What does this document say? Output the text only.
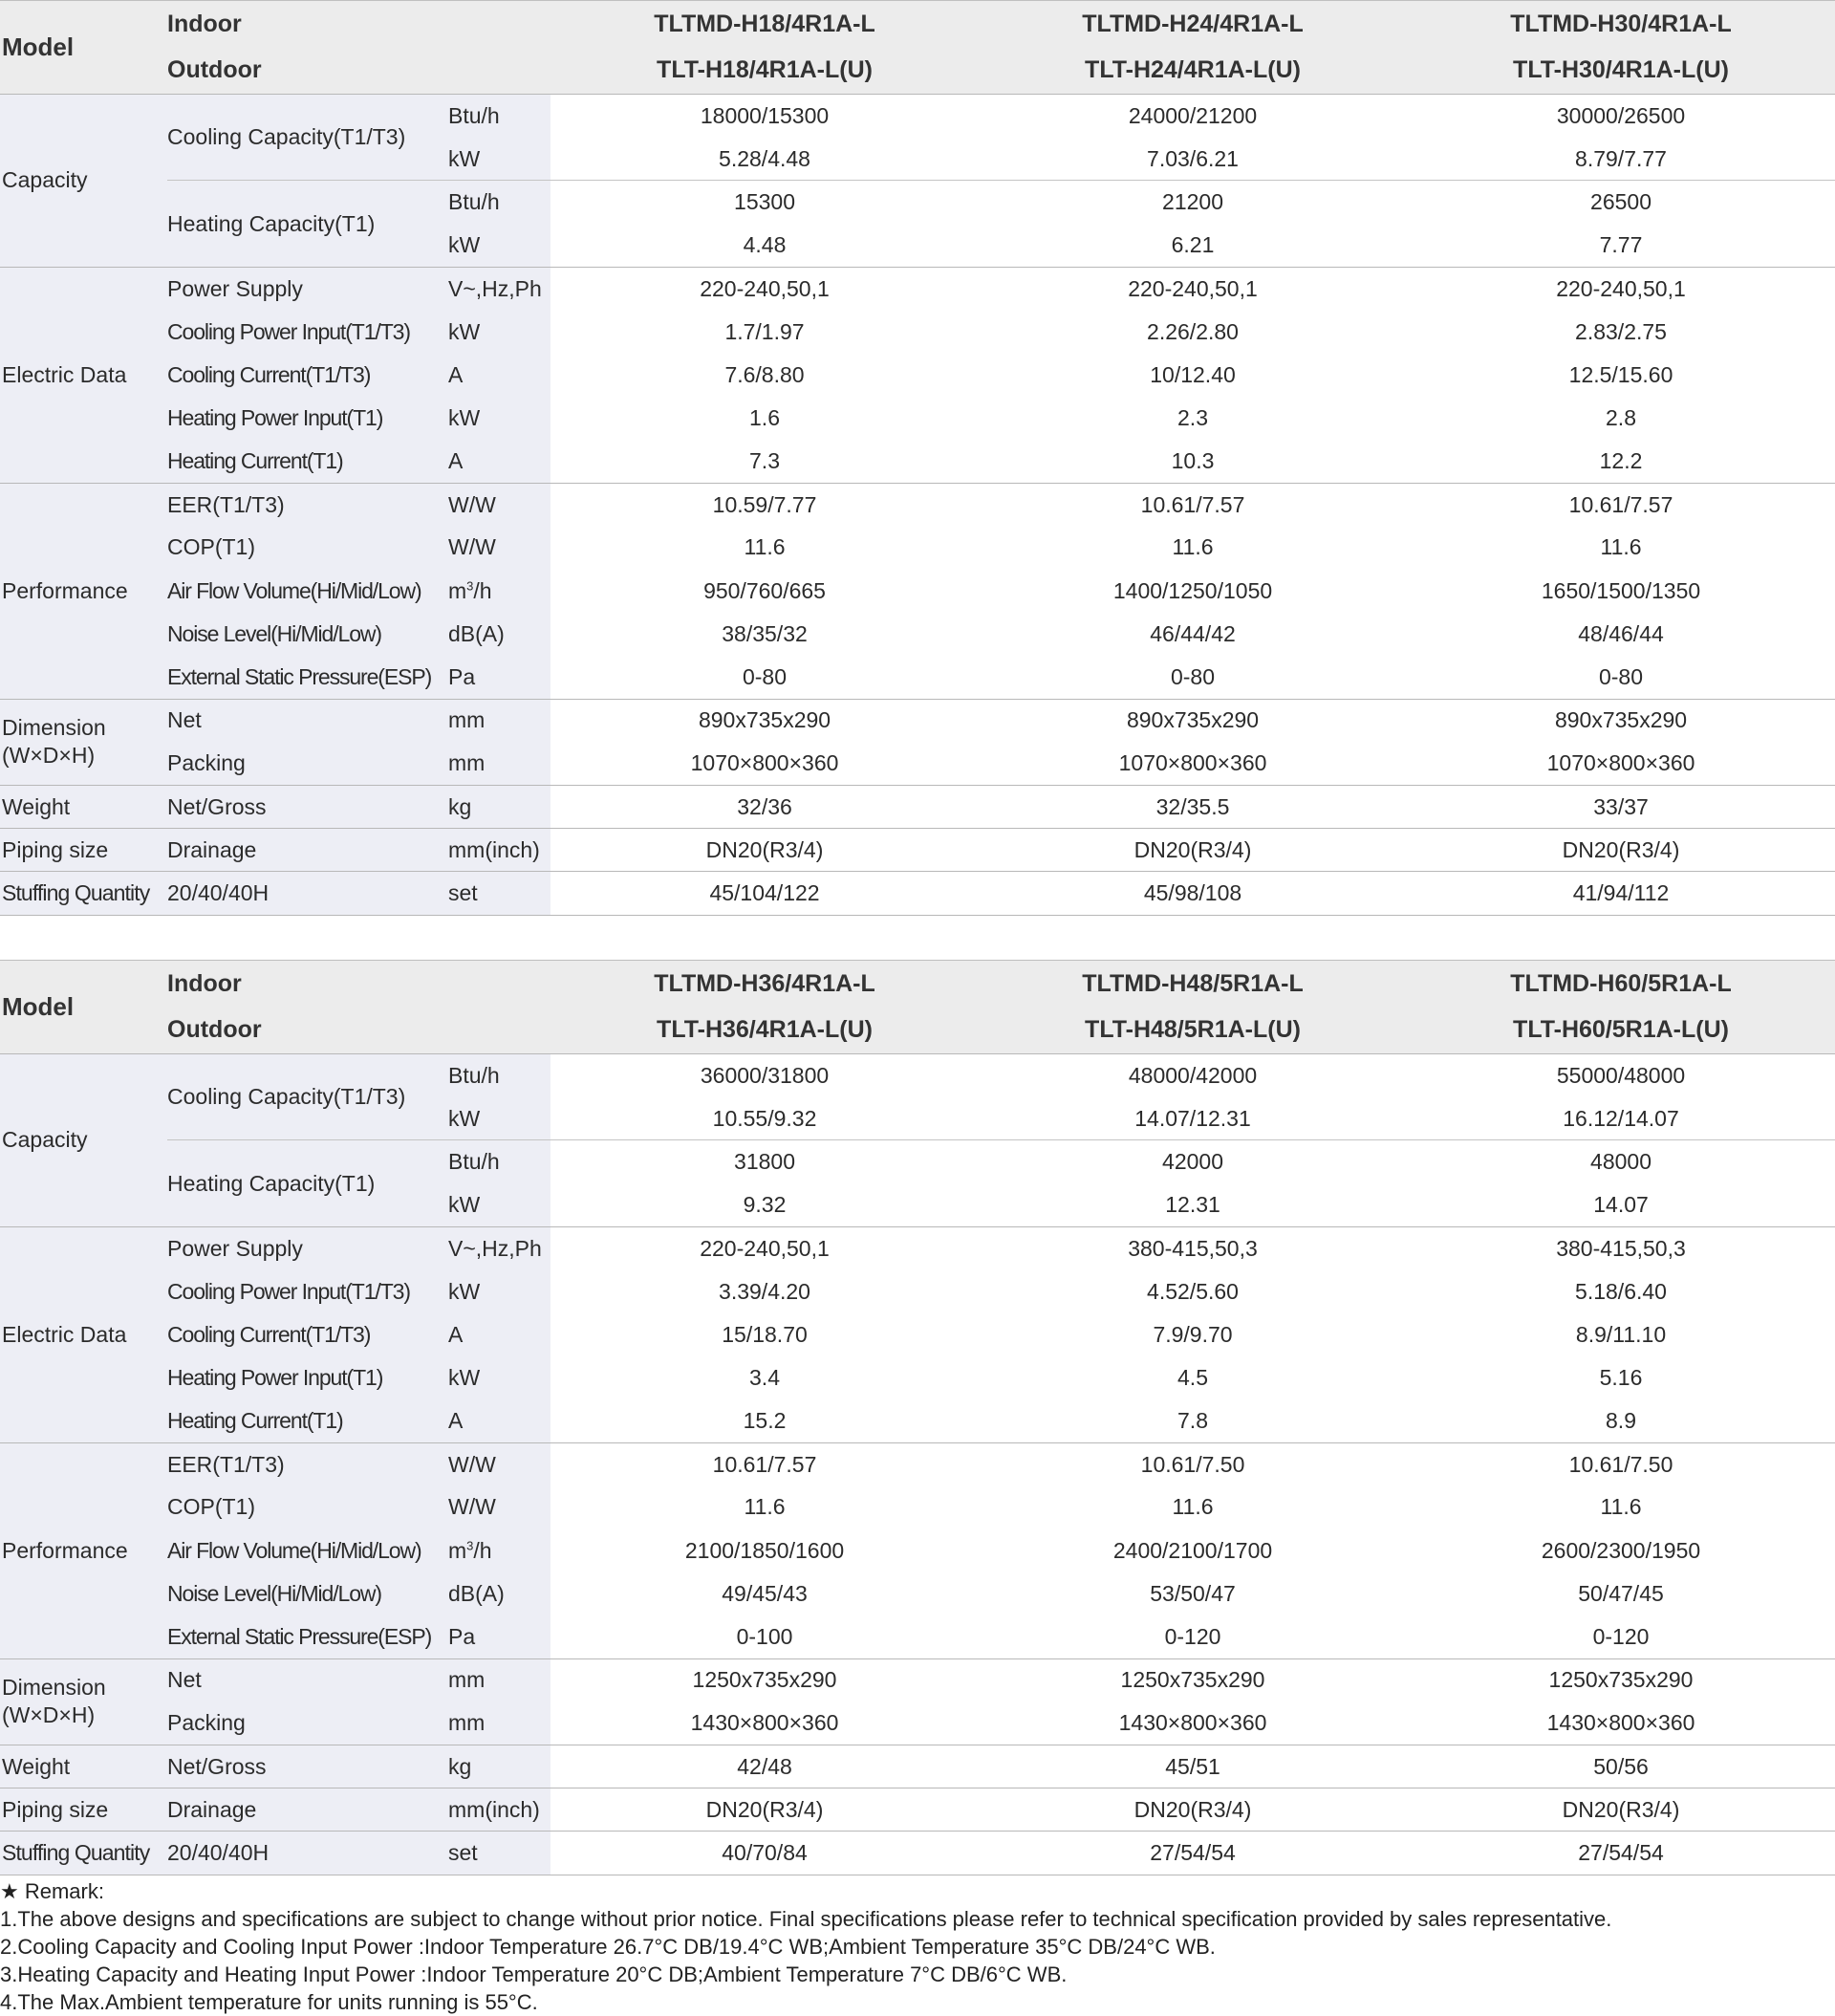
Model	Indoor		TLTMD-H18/4R1A-L	TLTMD-H24/4R1A-L	TLTMD-H30/4R1A-L
	Outdoor		TLT-H18/4R1A-L(U)	TLT-H24/4R1A-L(U)	TLT-H30/4R1A-L(U)
Capacity	Cooling Capacity(T1/T3)	Btu/h	18000/15300	24000/21200	30000/26500
		kW	5.28/4.48	7.03/6.21	8.79/7.77
	Heating Capacity(T1)	Btu/h	15300	21200	26500
		kW	4.48	6.21	7.77
Electric Data	Power Supply	V~,Hz,Ph	220-240,50,1	220-240,50,1	220-240,50,1
	Cooling Power Input(T1/T3)	kW	1.7/1.97	2.26/2.80	2.83/2.75
	Cooling Current(T1/T3)	A	7.6/8.80	10/12.40	12.5/15.60
	Heating Power Input(T1)	kW	1.6	2.3	2.8
	Heating Current(T1)	A	7.3	10.3	12.2
Performance	EER(T1/T3)	W/W	10.59/7.77	10.61/7.57	10.61/7.57
	COP(T1)	W/W	11.6	11.6	11.6
	Air Flow Volume(Hi/Mid/Low)	$m^3/h$	950/760/665	1400/1250/1050	1650/1500/1350
	Noise Level(Hi/Mid/Low)	dB(A)	38/35/32	46/44/42	48/46/44
	External Static Pressure(ESP)	Pa	0-80	0-80	0-80
Dimension
(W×D×H)	Net	mm	890x735x290	890x735x290	890x735x290
	Packing	mm	1070×800×360	1070×800×360	1070×800×360
Weight	Net/Gross	kg	32/36	32/35.5	33/37
Piping size	Drainage	mm(inch)	DN20(R3/4)	DN20(R3/4)	DN20(R3/4)
Stuffing Quantity	20/40/40H	set	45/104/122	45/98/108	41/94/112
Model	Indoor		TLTMD-H36/4R1A-L	TLTMD-H48/5R1A-L	TLTMD-H60/5R1A-L
	Outdoor		TLT-H36/4R1A-L(U)	TLT-H48/5R1A-L(U)	TLT-H60/5R1A-L(U)
Capacity	Cooling Capacity(T1/T3)	Btu/h	36000/31800	48000/42000	55000/48000
		kW	10.55/9.32	14.07/12.31	16.12/14.07
	Heating Capacity(T1)	Btu/h	31800	42000	48000
		kW	9.32	12.31	14.07
Electric Data	Power Supply	V~,Hz,Ph	220-240,50,1	380-415,50,3	380-415,50,3
	Cooling Power Input(T1/T3)	kW	3.39/4.20	4.52/5.60	5.18/6.40
	Cooling Current(T1/T3)	A	15/18.70	7.9/9.70	8.9/11.10
	Heating Power Input(T1)	kW	3.4	4.5	5.16
	Heating Current(T1)	A	15.2	7.8	8.9
Performance	EER(T1/T3)	W/W	10.61/7.57	10.61/7.50	10.61/7.50
	COP(T1)	W/W	11.6	11.6	11.6
	Air Flow Volume(Hi/Mid/Low)	$m^3/h$	2100/1850/1600	2400/2100/1700	2600/2300/1950
	Noise Level(Hi/Mid/Low)	dB(A)	49/45/43	53/50/47	50/47/45
	External Static Pressure(ESP)	Pa	0-100	0-120	0-120
Dimension
(W×D×H)	Net	mm	1250x735x290	1250x735x290	1250x735x290
	Packing	mm	1430×800×360	1430×800×360	1430×800×360
Weight	Net/Gross	kg	42/48	45/51	50/56
Piping size	Drainage	mm(inch)	DN20(R3/4)	DN20(R3/4)	DN20(R3/4)
Stuffing Quantity	20/40/40H	set	40/70/84	27/54/54	27/54/54
★ Remark:
1.The above designs and specifications are subject to change without prior notice. Final specifications please refer to technical specification provided by sales representative.
2.Cooling Capacity and Cooling Input Power :Indoor Temperature 26.7°C DB/19.4°C WB;Ambient Temperature 35°C DB/24°C WB.
3.Heating Capacity and Heating Input Power :Indoor Temperature 20°C DB;Ambient Temperature 7°C DB/6°C WB.
4.The Max.Ambient temperature for units running is 55°C.
